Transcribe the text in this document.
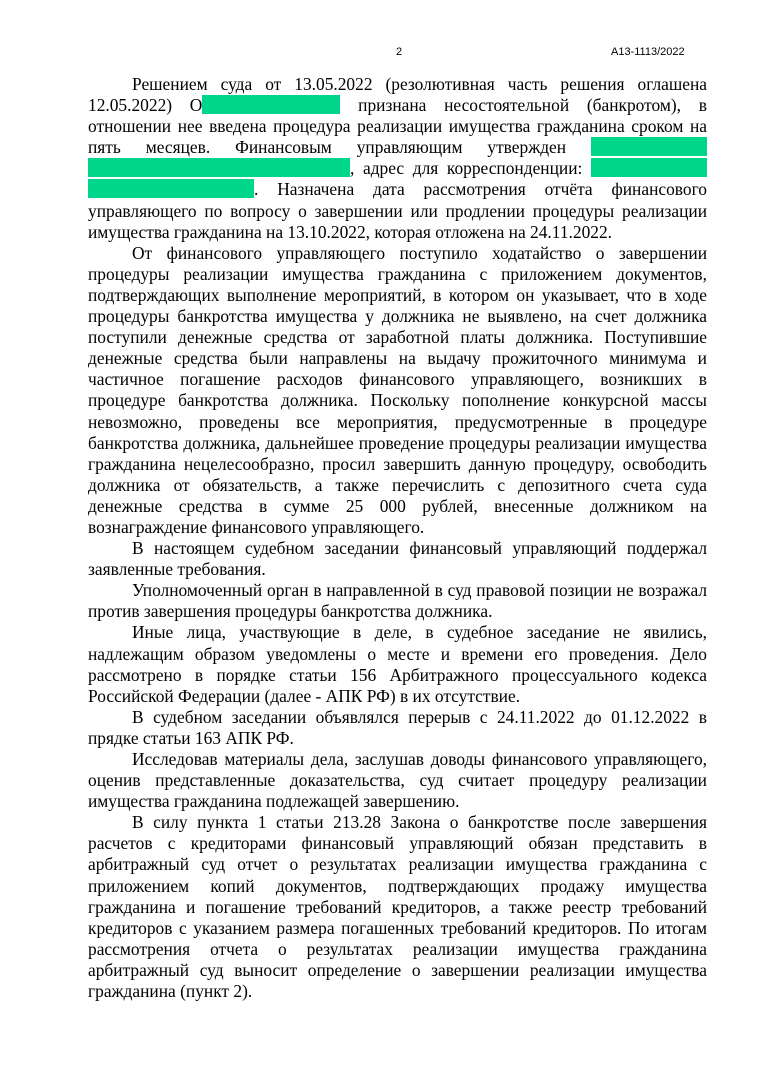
2	А13-1113/2022

Решением суда от 13.05.2022 (резолютивная часть решения оглашена 12.05.2022) О	признана несостоятельной (банкротом), в отношении нее введена процедура реализации имущества гражданина сроком на пять месяцев. Финансовым управляющим утвержден  , адрес для корреспонденции:  . Назначена дата рассмотрения отчёта финансового управляющего по вопросу о завершении или продлении процедуры реализации имущества гражданина на 13.10.2022, которая отложена на 24.11.2022.

От финансового управляющего поступило ходатайство о завершении процедуры реализации имущества гражданина с приложением документов, подтверждающих выполнение мероприятий, в котором он указывает, что в ходе процедуры банкротства имущества у должника не выявлено, на счет должника поступили денежные средства от заработной платы должника. Поступившие денежные средства были направлены на выдачу прожиточного минимума и частичное погашение расходов финансового управляющего, возникших в процедуре банкротства должника. Поскольку пополнение конкурсной массы невозможно, проведены все мероприятия, предусмотренные в процедуре банкротства должника, дальнейшее проведение процедуры реализации имущества гражданина нецелесообразно, просил завершить данную процедуру, освободить должника от обязательств, а также перечислить с депозитного счета суда денежные средства в сумме 25 000 рублей, внесенные должником на вознаграждение финансового управляющего.

В настоящем судебном заседании финансовый управляющий поддержал заявленные требования.

Уполномоченный орган в направленной в суд правовой позиции не возражал против завершения процедуры банкротства должника.

Иные лица, участвующие в деле, в судебное заседание не явились, надлежащим образом уведомлены о месте и времени его проведения. Дело рассмотрено в порядке статьи 156 Арбитражного процессуального кодекса Российской Федерации (далее - АПК РФ) в их отсутствие.

В судебном заседании объявлялся перерыв с 24.11.2022 до 01.12.2022 в прядке статьи 163 АПК РФ.

Исследовав материалы дела, заслушав доводы финансового управляющего, оценив представленные доказательства, суд считает процедуру реализации имущества гражданина подлежащей завершению.

В силу пункта 1 статьи 213.28 Закона о банкротстве после завершения расчетов с кредиторами финансовый управляющий обязан представить в арбитражный суд отчет о результатах реализации имущества гражданина с приложением копий документов, подтверждающих продажу имущества гражданина и погашение требований кредиторов, а также реестр требований кредиторов с указанием размера погашенных требований кредиторов. По итогам рассмотрения отчета о результатах реализации имущества гражданина арбитражный суд выносит определение о завершении реализации имущества гражданина (пункт 2).
